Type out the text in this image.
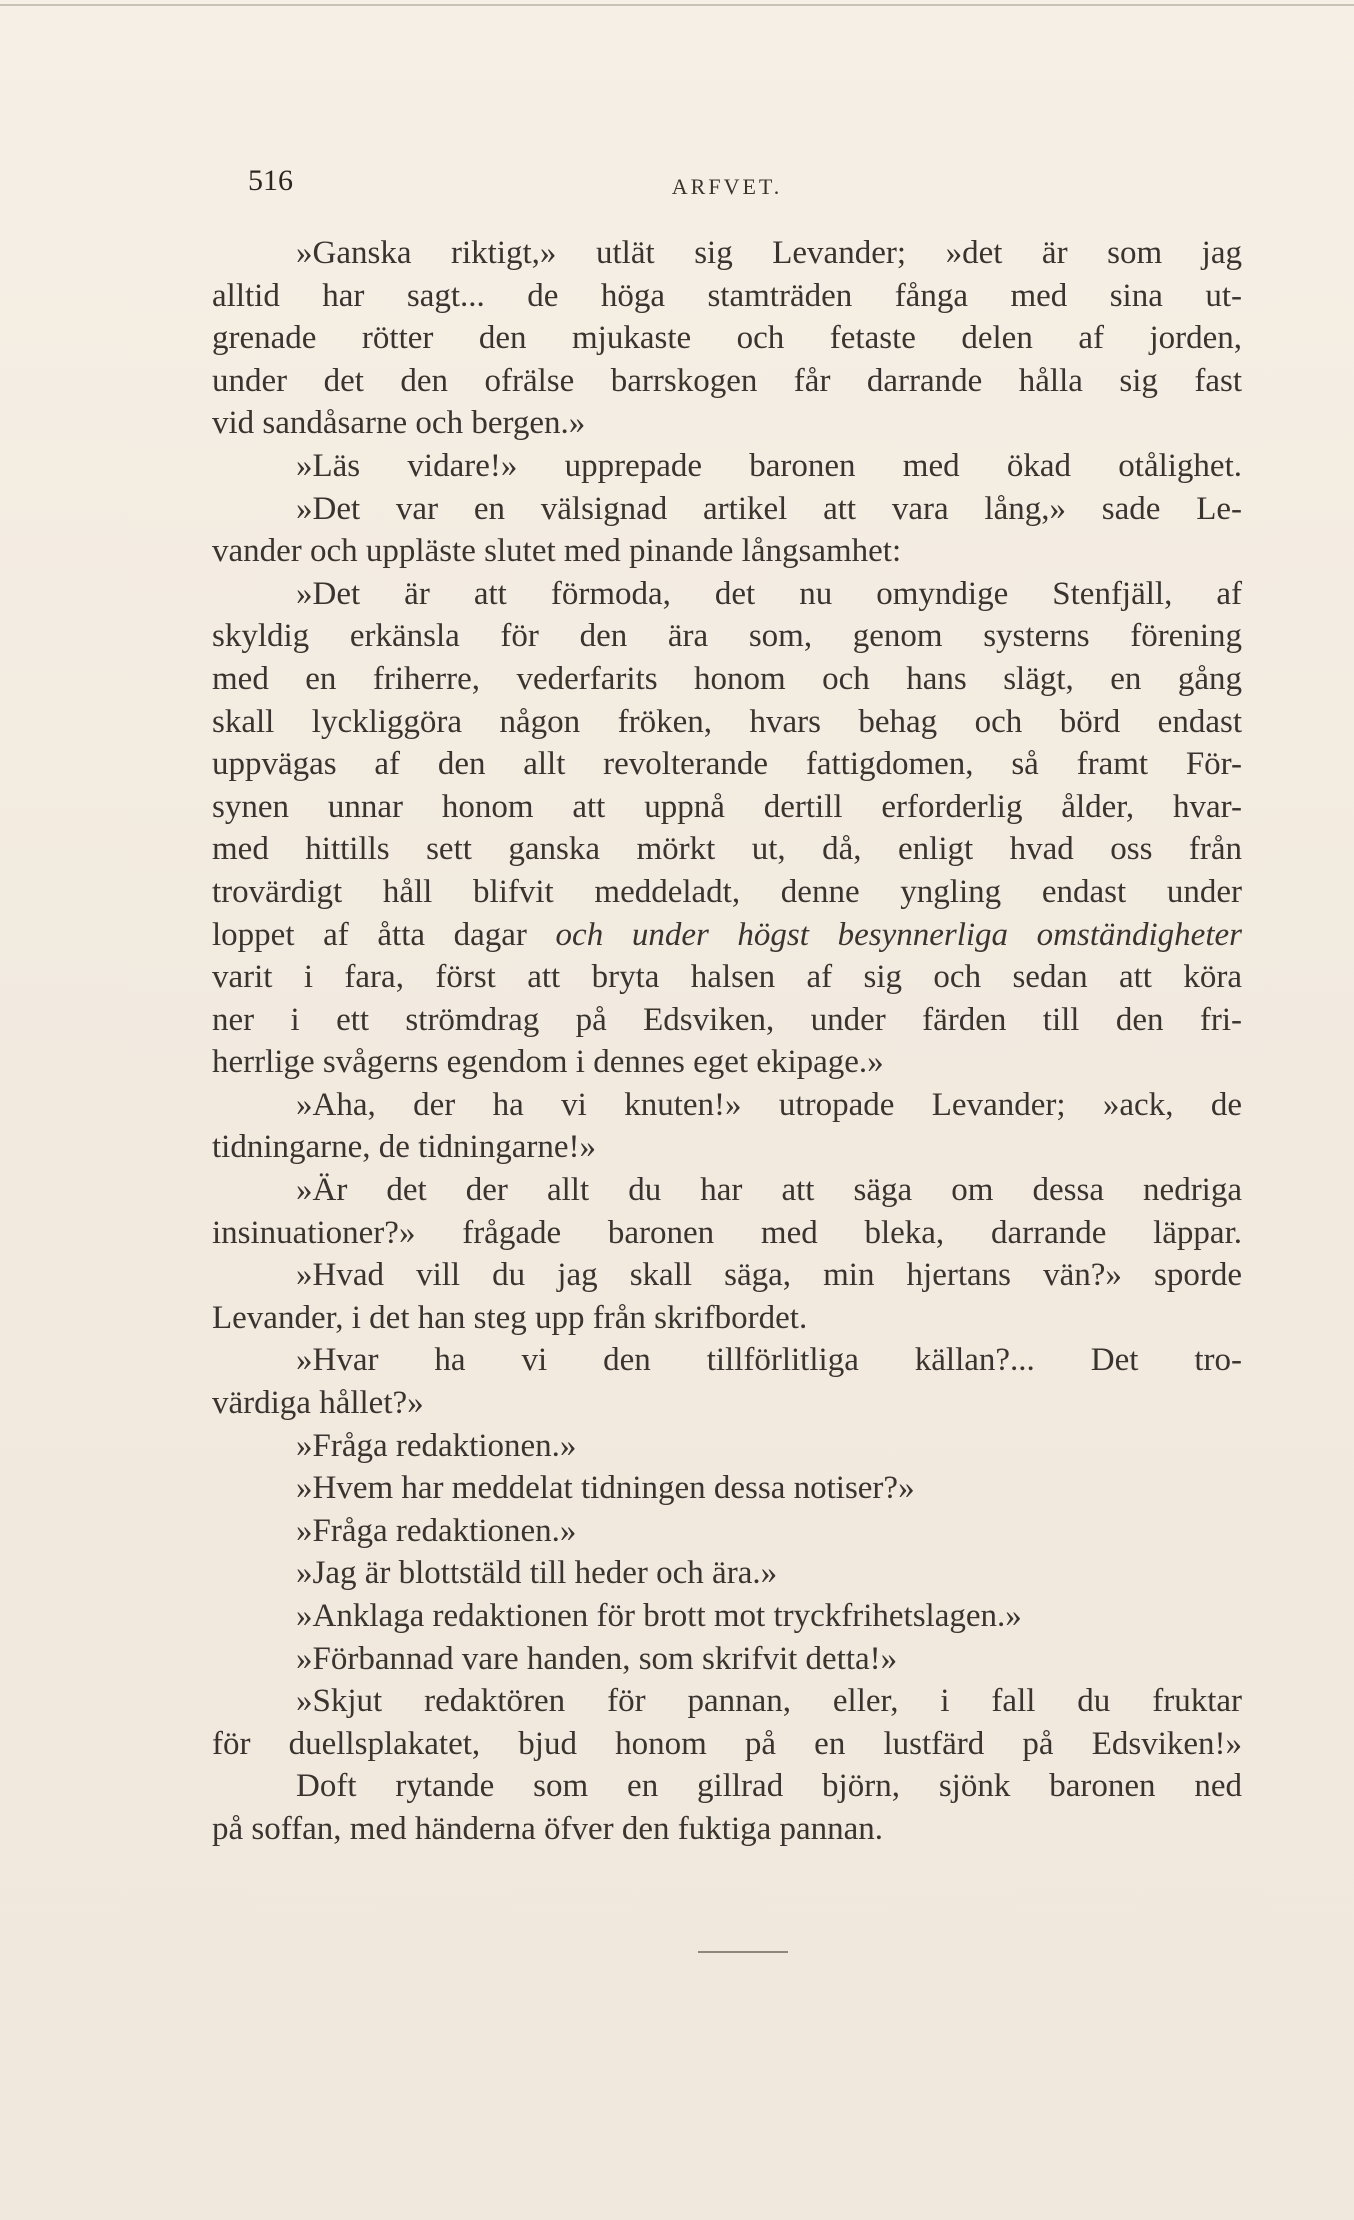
516	ARFVET.
»Ganska riktigt,» utlät sig Levander; »det är som jag
alltid har sagt... de höga stamträden fånga med sina ut-
grenade rötter den mjukaste och fetaste delen af jorden,
under det den ofrälse barrskogen får darrande hålla sig fast
vid sandåsarne och bergen.»
»Läs vidare!» upprepade baronen med ökad otålighet.
»Det var en välsignad artikel att vara lång,» sade Le-
vander och uppläste slutet med pinande långsamhet:
»Det är att förmoda, det nu omyndige Stenfjäll, af
skyldig erkänsla för den ära som, genom systerns förening
med en friherre, vederfarits honom och hans slägt, en gång
skall lyckliggöra någon fröken, hvars behag och börd endast
uppvägas af den allt revolterande fattigdomen, så framt För-
synen unnar honom att uppnå dertill erforderlig ålder, hvar-
med hittills sett ganska mörkt ut, då, enligt hvad oss från
trovärdigt håll blifvit meddeladt, denne yngling endast under
loppet af åtta dagar och under högst besynnerliga omständigheter
varit i fara, först att bryta halsen af sig och sedan att köra
ner i ett strömdrag på Edsviken, under färden till den fri-
herrlige svågerns egendom i dennes eget ekipage.»
»Aha, der ha vi knuten!» utropade Levander; »ack, de
tidningarne, de tidningarne!»
»Är det der allt du har att säga om dessa nedriga
insinuationer?» frågade baronen med bleka, darrande läppar.
»Hvad vill du jag skall säga, min hjertans vän?» sporde
Levander, i det han steg upp från skrifbordet.
»Hvar ha vi den tillförlitliga källan?... Det tro-
värdiga hållet?»
»Fråga redaktionen.»
»Hvem har meddelat tidningen dessa notiser?»
»Fråga redaktionen.»
»Jag är blottstäld till heder och ära.»
»Anklaga redaktionen för brott mot tryckfrihetslagen.»
»Förbannad vare handen, som skrifvit detta!»
»Skjut redaktören för pannan, eller, i fall du fruktar
för duellsplakatet, bjud honom på en lustfärd på Edsviken!»
Doft rytande som en gillrad björn, sjönk baronen ned
på soffan, med händerna öfver den fuktiga pannan.
